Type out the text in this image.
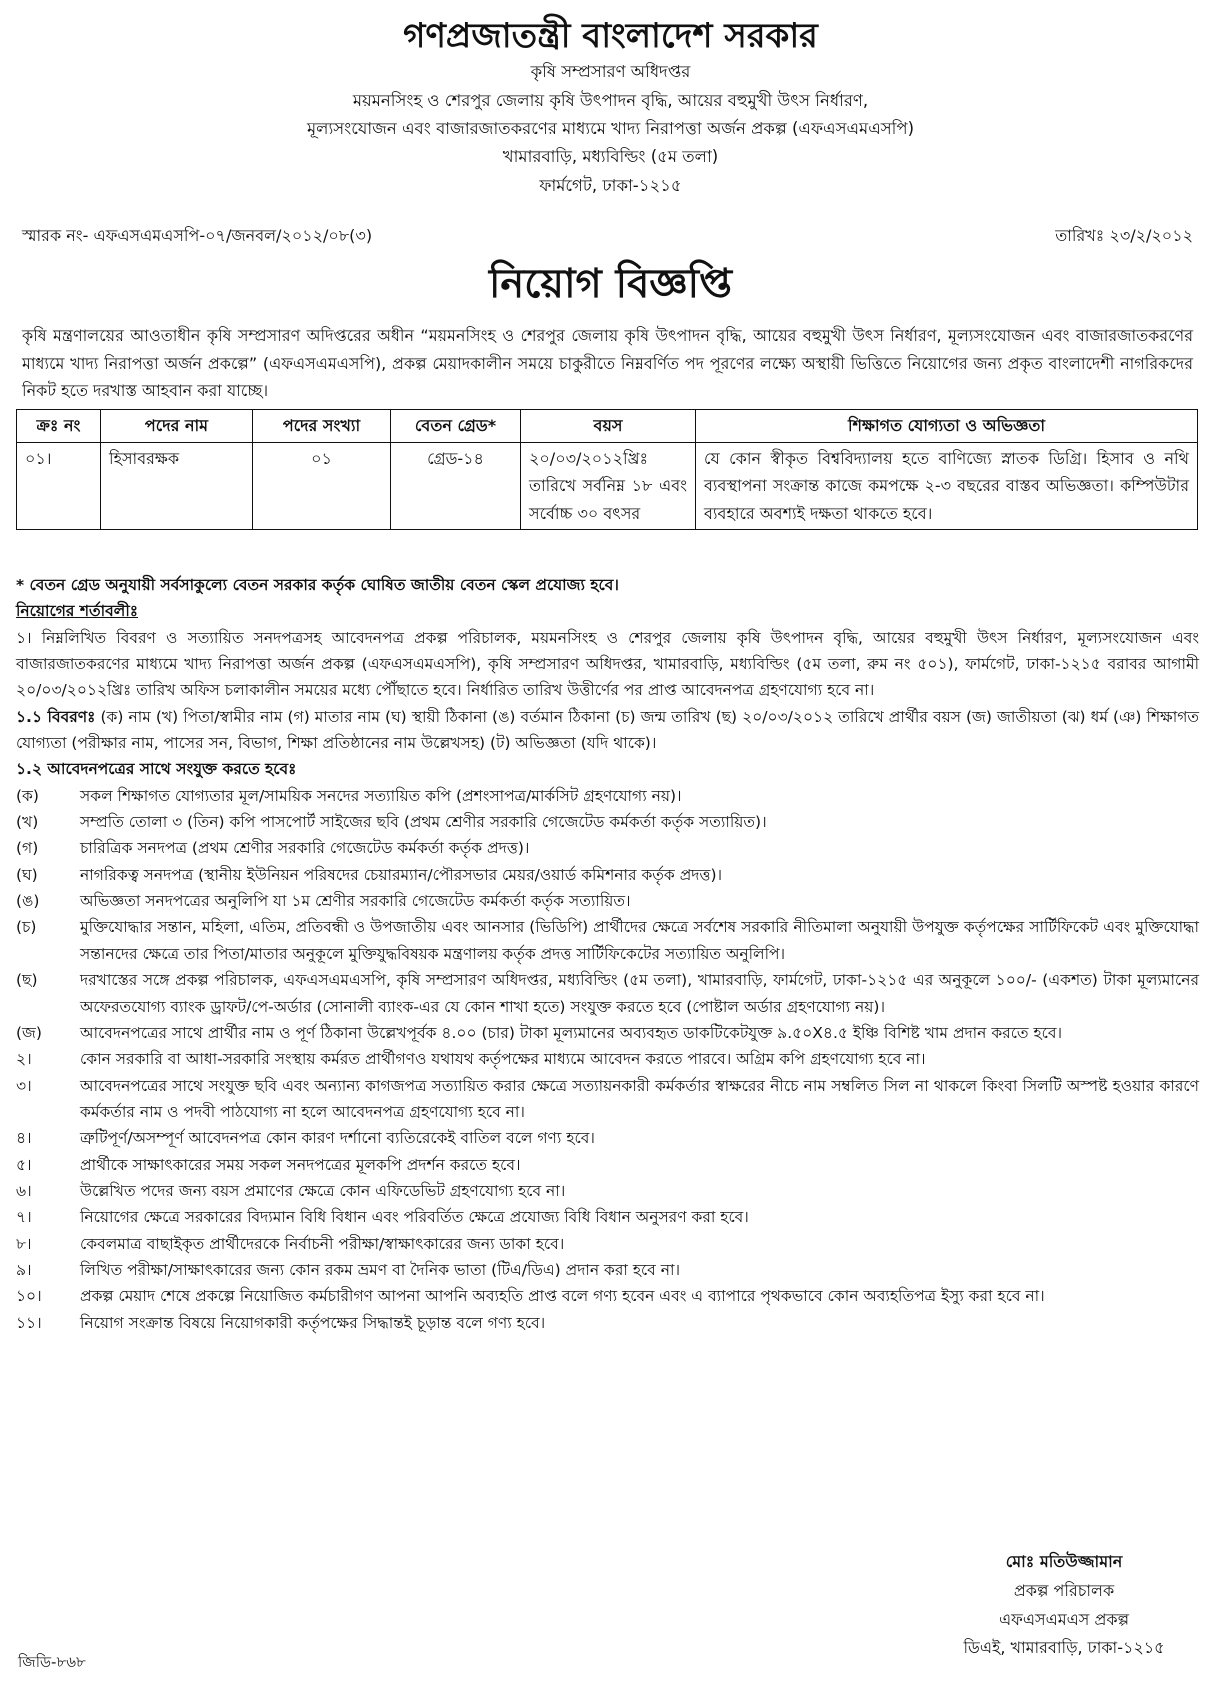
গণপ্রজাতন্ত্রী বাংলাদেশ সরকার
কৃষি সম্প্রসারণ অধিদপ্তর
ময়মনসিংহ ও শেরপুর জেলায় কৃষি উৎপাদন বৃদ্ধি, আয়ের বহুমুখী উৎস নির্ধারণ,
মূল্যসংযোজন এবং বাজারজাতকরণের মাধ্যমে খাদ্য নিরাপত্তা অর্জন প্রকল্প (এফএসএমএসপি)
খামারবাড়ি, মধ্যবিল্ডিং (৫ম তলা)
ফার্মগেট, ঢাকা-১২১৫
স্মারক নং- এফএসএমএসপি-০৭/জনবল/২০১২/০৮(৩)	তারিখঃ ২৩/২/২০১২
নিয়োগ বিজ্ঞপ্তি
কৃষি মন্ত্রণালয়ের আওতাধীন কৃষি সম্প্রসারণ অদিপ্তরের অধীন “ময়মনসিংহ ও শেরপুর জেলায় কৃষি উৎপাদন বৃদ্ধি, আয়ের বহুমুখী উৎস নির্ধারণ, মূল্যসংযোজন এবং বাজারজাতকরণের মাধ্যমে খাদ্য নিরাপত্তা অর্জন প্রকল্পে” (এফএসএমএসপি), প্রকল্প মেয়াদকালীন সময়ে চাকুরীতে নিম্নবর্ণিত পদ পূরণের লক্ষ্যে অস্থায়ী ভিত্তিতে নিয়োগের জন্য প্রকৃত বাংলাদেশী নাগরিকদের নিকট হতে দরখাস্ত আহবান করা যাচ্ছে।
ক্রঃ নং	পদের নাম	পদের সংখ্যা	বেতন গ্রেড*	বয়স	শিক্ষাগত যোগ্যতা ও অভিজ্ঞতা
০১।	হিসাবরক্ষক	০১	গ্রেড-১৪	২০/০৩/২০১২খ্রিঃ তারিখে সর্বনিম্ন ১৮ এবং সর্বোচ্চ ৩০ বৎসর	যে কোন স্বীকৃত বিশ্ববিদ্যালয় হতে বাণিজ্যে স্নাতক ডিগ্রি। হিসাব ও নথি ব্যবস্থাপনা সংক্রান্ত কাজে কমপক্ষে ২-৩ বছরের বাস্তব অভিজ্ঞতা। কম্পিউটার ব্যবহারে অবশ্যই দক্ষতা থাকতে হবে।

* বেতন গ্রেড অনুযায়ী সর্বসাকুল্যে বেতন সরকার কর্তৃক ঘোষিত জাতীয় বেতন স্কেল প্রযোজ্য হবে।

নিয়োগের শর্তাবলীঃ

১। নিম্নলিখিত বিবরণ ও সত্যায়িত সনদপত্রসহ আবেদনপত্র প্রকল্প পরিচালক, ময়মনসিংহ ও শেরপুর জেলায় কৃষি উৎপাদন বৃদ্ধি, আয়ের বহুমুখী উৎস নির্ধারণ, মূল্যসংযোজন এবং বাজারজাতকরণের মাধ্যমে খাদ্য নিরাপত্তা অর্জন প্রকল্প (এফএসএমএসপি), কৃষি সম্প্রসারণ অধিদপ্তর, খামারবাড়ি, মধ্যবিল্ডিং (৫ম তলা, রুম নং ৫০১), ফার্মগেট, ঢাকা-১২১৫ বরাবর আগামী ২০/০৩/২০১২খ্রিঃ তারিখ অফিস চলাকালীন সময়ের মধ্যে পৌঁছাতে হবে। নির্ধারিত তারিখ উত্তীর্ণের পর প্রাপ্ত আবেদনপত্র গ্রহণযোগ্য হবে না।

১.১ বিবরণঃ (ক) নাম (খ) পিতা/স্বামীর নাম (গ) মাতার নাম (ঘ) স্থায়ী ঠিকানা (ঙ) বর্তমান ঠিকানা (চ) জন্ম তারিখ (ছ) ২০/০৩/২০১২ তারিখে প্রার্থীর বয়স (জ) জাতীয়তা (ঝ) ধর্ম (ঞ) শিক্ষাগত যোগ্যতা (পরীক্ষার নাম, পাসের সন, বিভাগ, শিক্ষা প্রতিষ্ঠানের নাম উল্লেখসহ) (ট) অভিজ্ঞতা (যদি থাকে)।

১.২ আবেদনপত্রের সাথে সংযুক্ত করতে হবেঃ

(ক)	সকল শিক্ষাগত যোগ্যতার মূল/সাময়িক সনদের সত্যায়িত কপি (প্রশংসাপত্র/মার্কসিট গ্রহণযোগ্য নয়)।
(খ)	সম্প্রতি তোলা ৩ (তিন) কপি পাসপোর্ট সাইজের ছবি (প্রথম শ্রেণীর সরকারি গেজেটেড কর্মকর্তা কর্তৃক সত্যায়িত)।
(গ)	চারিত্রিক সনদপত্র (প্রথম শ্রেণীর সরকারি গেজেটেড কর্মকর্তা কর্তৃক প্রদত্ত)।
(ঘ)	নাগরিকত্ব সনদপত্র (স্থানীয় ইউনিয়ন পরিষদের চেয়ারম্যান/পৌরসভার মেয়র/ওয়ার্ড কমিশনার কর্তৃক প্রদত্ত)।
(ঙ)	অভিজ্ঞতা সনদপত্রের অনুলিপি যা ১ম শ্রেণীর সরকারি গেজেটেড কর্মকর্তা কর্তৃক সত্যায়িত।
(চ)	মুক্তিযোদ্ধার সন্তান, মহিলা, এতিম, প্রতিবন্ধী ও উপজাতীয় এবং আনসার (ভিডিপি) প্রার্থীদের ক্ষেত্রে সর্বশেষ সরকারি নীতিমালা অনুযায়ী উপযুক্ত কর্তৃপক্ষের সার্টিফিকেট এবং মুক্তিযোদ্ধা সন্তানদের ক্ষেত্রে তার পিতা/মাতার অনুকূলে মুক্তিযুদ্ধবিষয়ক মন্ত্রণালয় কর্তৃক প্রদত্ত সার্টিফিকেটের সত্যায়িত অনুলিপি।
(ছ)	দরখাস্তের সঙ্গে প্রকল্প পরিচালক, এফএসএমএসপি, কৃষি সম্প্রসারণ অধিদপ্তর, মধ্যবিল্ডিং (৫ম তলা), খামারবাড়ি, ফার্মগেট, ঢাকা-১২১৫ এর অনুকূলে ১০০/- (একশত) টাকা মূল্যমানের অফেরতযোগ্য ব্যাংক ড্রাফট/পে-অর্ডার (সোনালী ব্যাংক-এর যে কোন শাখা হতে) সংযুক্ত করতে হবে (পোষ্টাল অর্ডার গ্রহণযোগ্য নয়)।
(জ)	আবেদনপত্রের সাথে প্রার্থীর নাম ও পূর্ণ ঠিকানা উল্লেখপূর্বক ৪.০০ (চার) টাকা মূল্যমানের অব্যবহৃত ডাকটিকেটযুক্ত ৯.৫০X৪.৫ ইঞ্চি বিশিষ্ট খাম প্রদান করতে হবে।
২।	কোন সরকারি বা আধা-সরকারি সংস্থায় কর্মরত প্রার্থীগণও যথাযথ কর্তৃপক্ষের মাধ্যমে আবেদন করতে পারবে। অগ্রিম কপি গ্রহণযোগ্য হবে না।
৩।	আবেদনপত্রের সাথে সংযুক্ত ছবি এবং অন্যান্য কাগজপত্র সত্যায়িত করার ক্ষেত্রে সত্যায়নকারী কর্মকর্তার স্বাক্ষরের নীচে নাম সম্বলিত সিল না থাকলে কিংবা সিলটি অস্পষ্ট হওয়ার কারণে কর্মকর্তার নাম ও পদবী পাঠযোগ্য না হলে আবেদনপত্র গ্রহণযোগ্য হবে না।
৪।	ত্রুটিপূর্ণ/অসম্পূর্ণ আবেদনপত্র কোন কারণ দর্শানো ব্যতিরেকেই বাতিল বলে গণ্য হবে।
৫।	প্রার্থীকে সাক্ষাৎকারের সময় সকল সনদপত্রের মূলকপি প্রদর্শন করতে হবে।
৬।	উল্লেখিত পদের জন্য বয়স প্রমাণের ক্ষেত্রে কোন এফিডেভিট গ্রহণযোগ্য হবে না।
৭।	নিয়োগের ক্ষেত্রে সরকারের বিদ্যমান বিধি বিধান এবং পরিবর্তিত ক্ষেত্রে প্রযোজ্য বিধি বিধান অনুসরণ করা হবে।
৮।	কেবলমাত্র বাছাইকৃত প্রার্থীদেরকে নির্বাচনী পরীক্ষা/স্বাক্ষাৎকারের জন্য ডাকা হবে।
৯।	লিখিত পরীক্ষা/সাক্ষাৎকারের জন্য কোন রকম ভ্রমণ বা দৈনিক ভাতা (টিএ/ডিএ) প্রদান করা হবে না।
১০।	প্রকল্প মেয়াদ শেষে প্রকল্পে নিয়োজিত কর্মচারীগণ আপনা আপনি অব্যহতি প্রাপ্ত বলে গণ্য হবেন এবং এ ব্যাপারে পৃথকভাবে কোন অব্যহতিপত্র ইস্যু করা হবে না।
১১।	নিয়োগ সংক্রান্ত বিষয়ে নিয়োগকারী কর্তৃপক্ষের সিদ্ধান্তই চূড়ান্ত বলে গণ্য হবে।
মোঃ মতিউজ্জামান
প্রকল্প পরিচালক
এফএসএমএস প্রকল্প
ডিএই, খামারবাড়ি, ঢাকা-১২১৫
জিডি-৮৬৮
